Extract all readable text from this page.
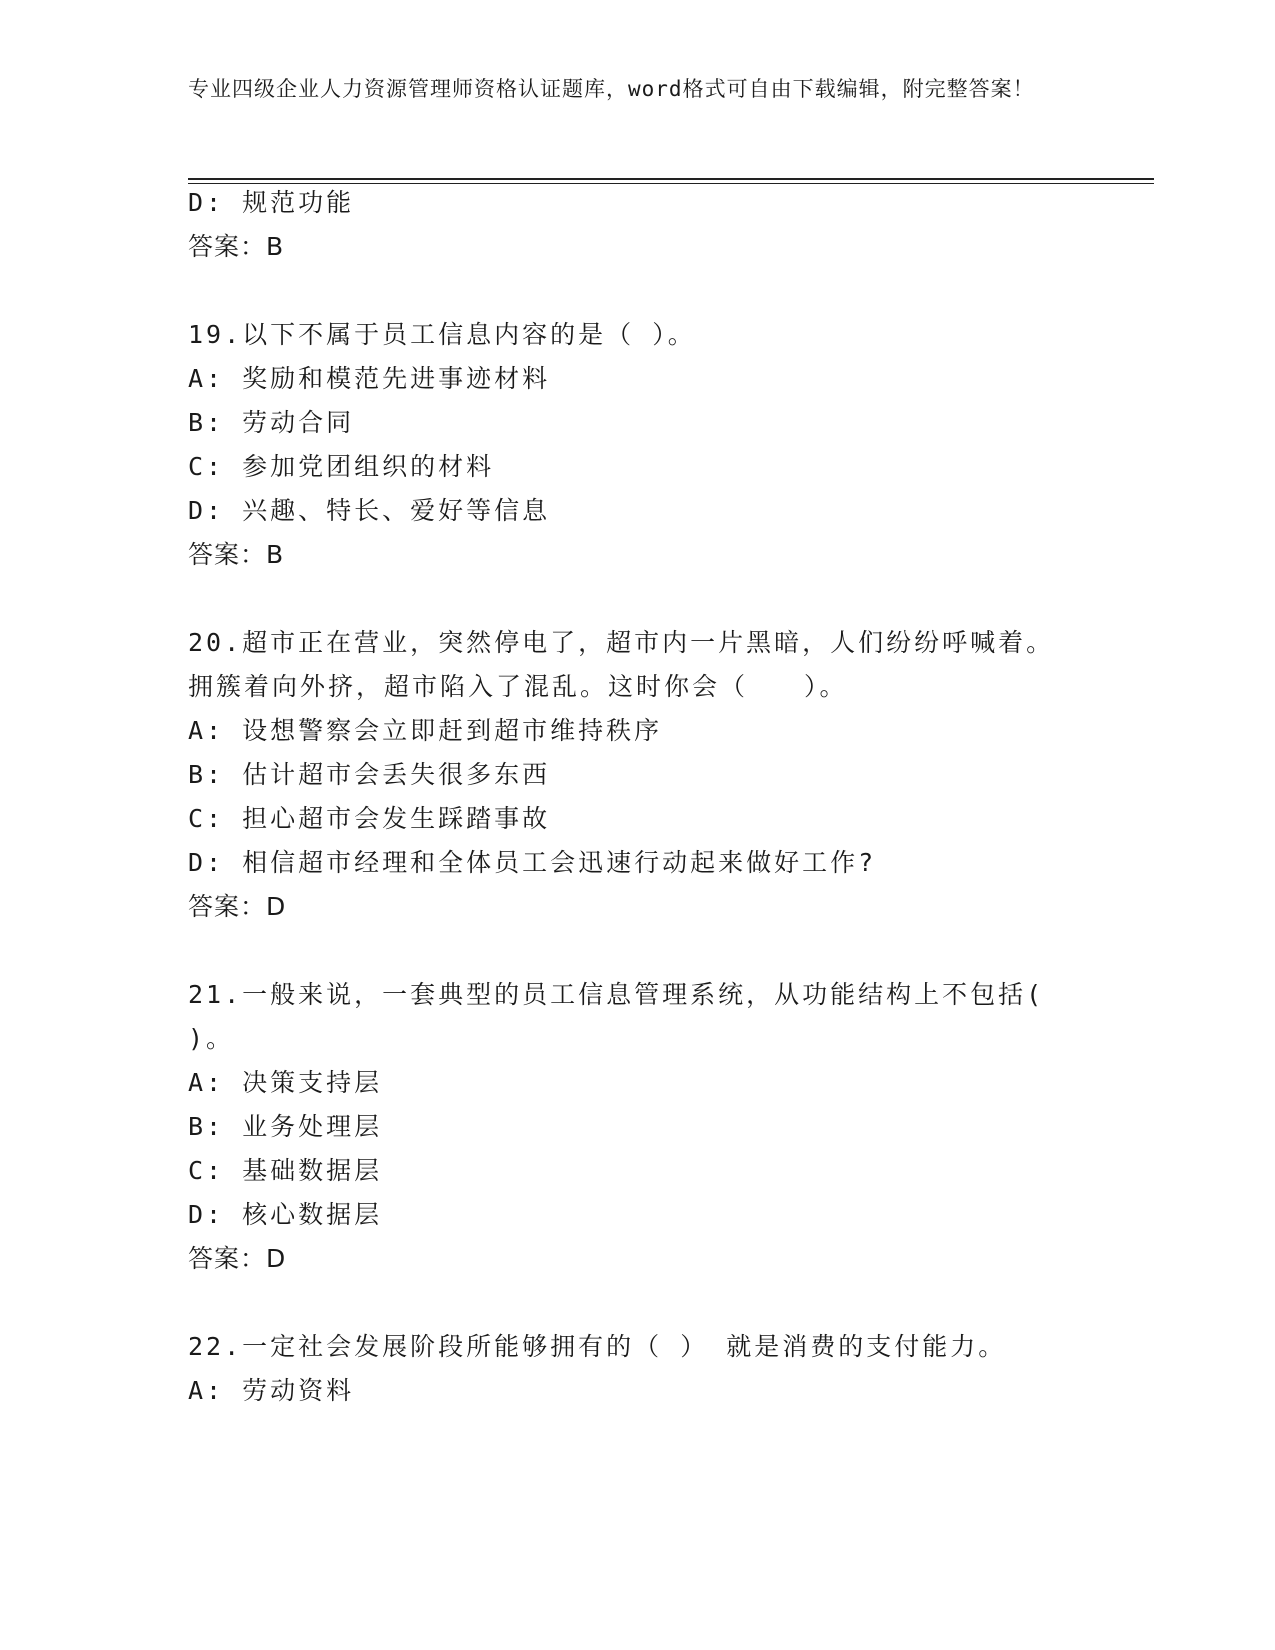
专业四级企业人力资源管理师资格认证题库，word格式可自由下载编辑，附完整答案！
D: 规范功能
答案：B
19.以下不属于员工信息内容的是（ ）。
A: 奖励和模范先进事迹材料
B: 劳动合同
C: 参加党团组织的材料
D: 兴趣、特长、爱好等信息
答案：B
20.超市正在营业，突然停电了，超市内一片黑暗，人们纷纷呼喊着。
拥簇着向外挤，超市陷入了混乱。这时你会（　　）。
A: 设想警察会立即赶到超市维持秩序
B: 估计超市会丢失很多东西
C: 担心超市会发生踩踏事故
D: 相信超市经理和全体员工会迅速行动起来做好工作?
答案：D
21.一般来说，一套典型的员工信息管理系统，从功能结构上不包括(
)。
A: 决策支持层
B: 业务处理层
C: 基础数据层
D: 核心数据层
答案：D
22.一定社会发展阶段所能够拥有的（ ） 就是消费的支付能力。
A: 劳动资料
